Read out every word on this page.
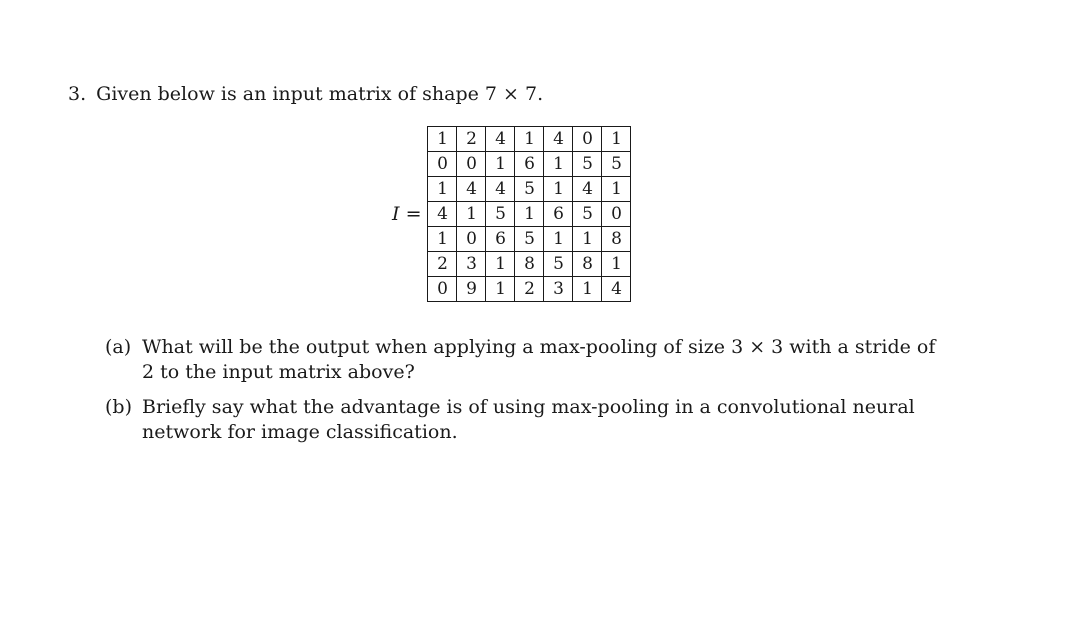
3. Given below is an input matrix of shape 7 × 7.
I =
1	2	4	1	4	0	1
0	0	1	6	1	5	5
1	4	4	5	1	4	1
4	1	5	1	6	5	0
1	0	6	5	1	1	8
2	3	1	8	5	8	1
0	9	1	2	3	1	4
(a) What will be the output when applying a max-pooling of size 3 × 3 with a stride of 2 to the input matrix above?
(b) Briefly say what the advantage is of using max-pooling in a convolutional neural network for image classification.
